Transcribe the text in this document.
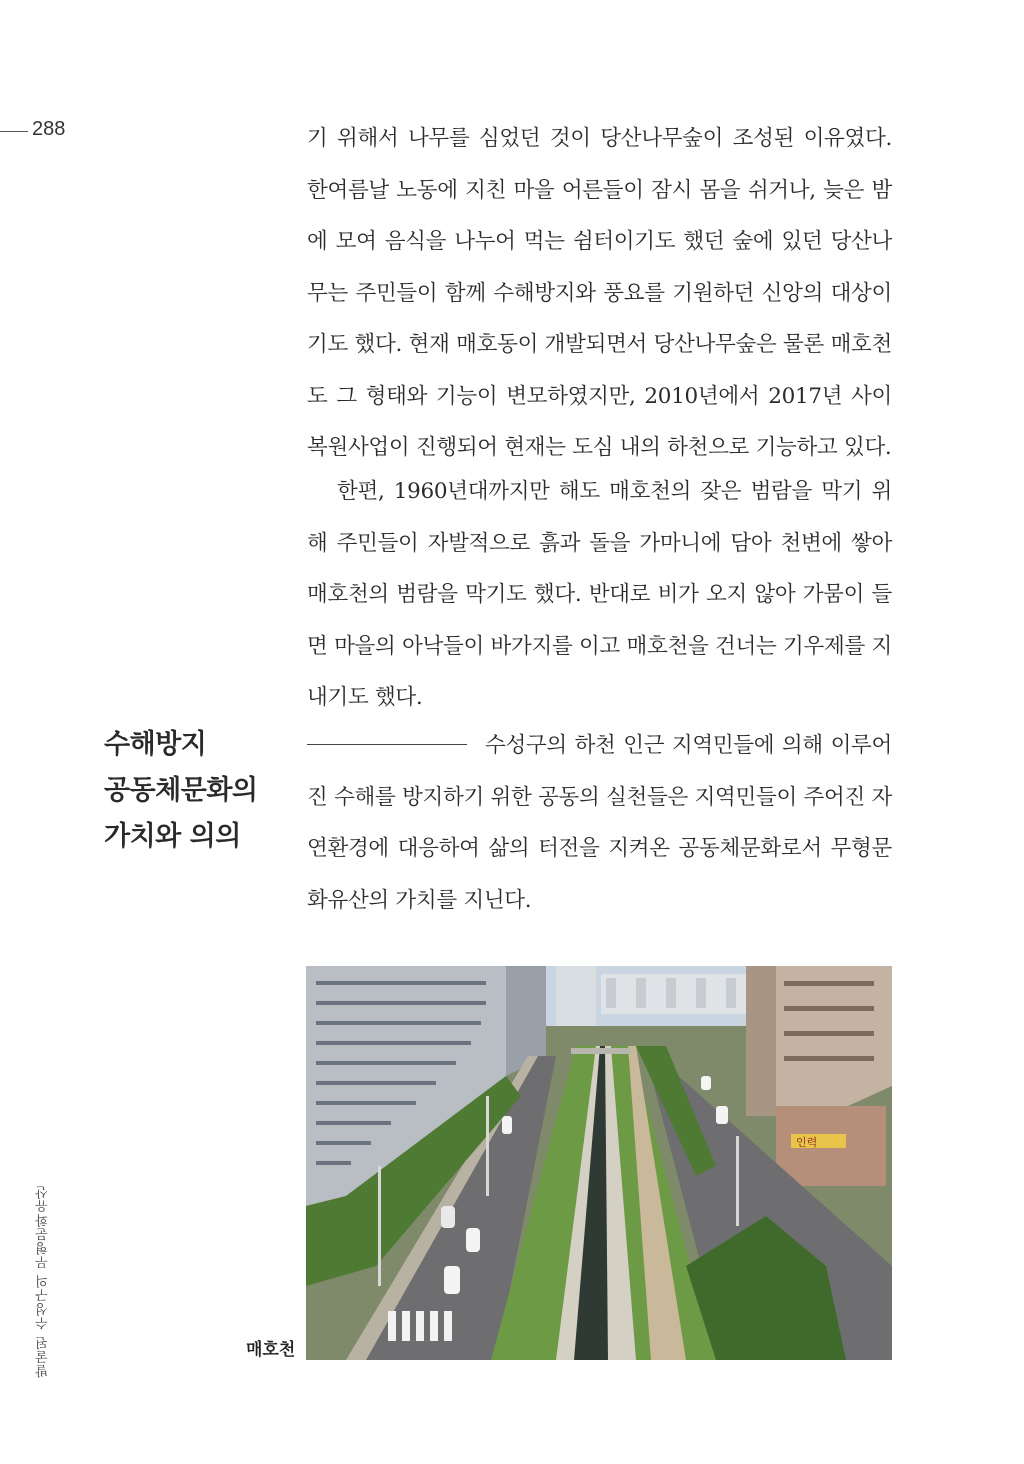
288	기 위해서 나무를 심었던 것이 당산나무숲이 조성된 이유였다. 한여름날 노동에 지친 마을 어른들이 잠시 몸을 쉬거나, 늦은 밤에 모여 음식을 나누어 먹는 쉼터이기도 했던 숲에 있던 당산나무는 주민들이 함께 수해방지와 풍요를 기원하던 신앙의 대상이기도 했다. 현재 매호동이 개발되면서 당산나무숲은 물론 매호천도 그 형태와 기능이 변모하였지만, 2010년에서 2017년 사이 복원사업이 진행되어 현재는 도심 내의 하천으로 기능하고 있다.

한편, 1960년대까지만 해도 매호천의 잦은 범람을 막기 위해 주민들이 자발적으로 흙과 돌을 가마니에 담아 천변에 쌓아 매호천의 범람을 막기도 했다. 반대로 비가 오지 않아 가뭄이 들면 마을의 아낙들이 바가지를 이고 매호천을 건너는 기우제를 지내기도 했다.

수해방지
공동체문화의
가치와 의의

수성구의 하천 인근 지역민들에 의해 이루어진 수해를 방지하기 위한 공동의 실천들은 지역민들이 주어진 자연환경에 대응하여 삶의 터전을 지켜온 공동체문화로서 무형문화유산의 가치를 지닌다.

인력
매호천
발굴된 수성구의 무형문화유산
